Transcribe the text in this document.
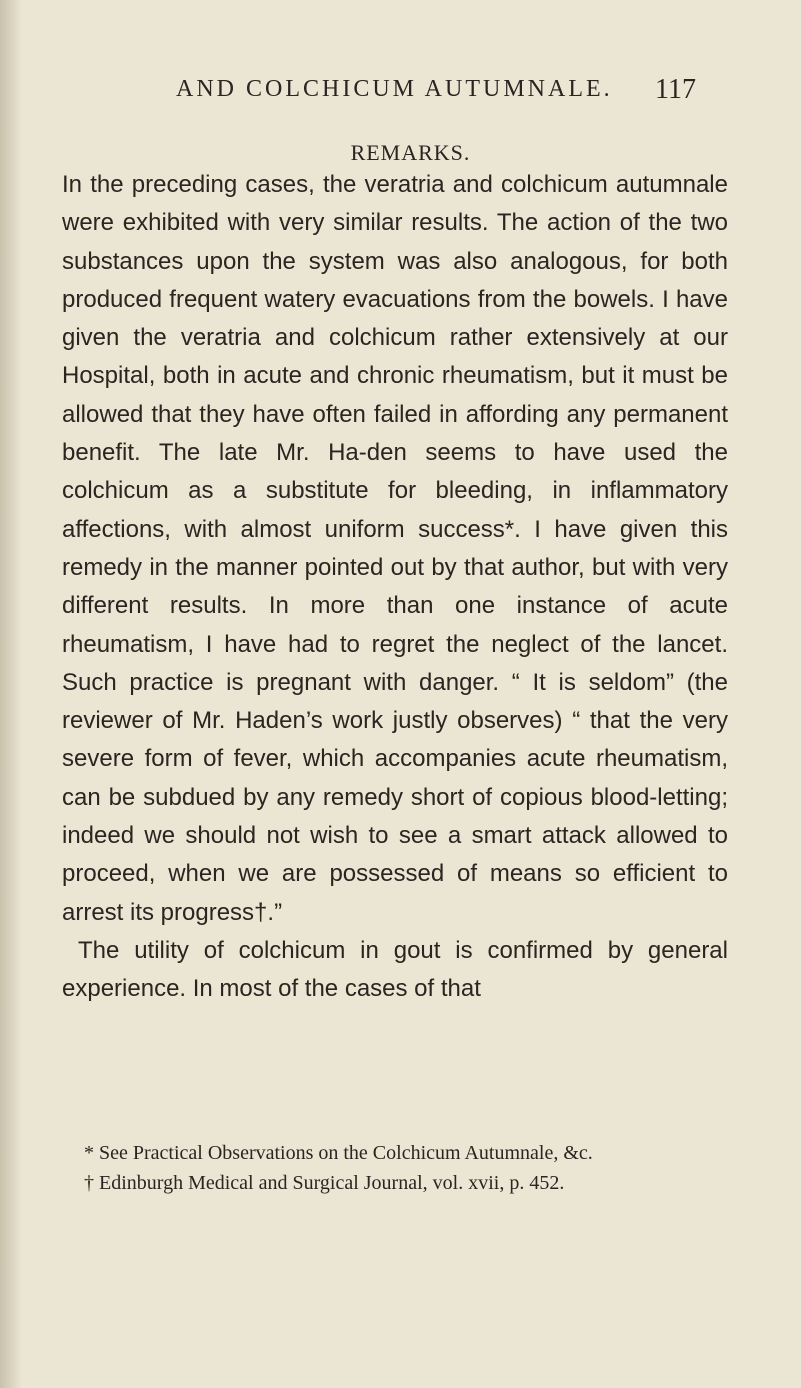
AND COLCHICUM AUTUMNALE. 117
REMARKS.

In the preceding cases, the veratria and colchicum autumnale were exhibited with very similar results. The action of the two substances upon the system was also analogous, for both produced frequent watery evacuations from the bowels. I have given the veratria and colchicum rather extensively at our Hospital, both in acute and chronic rheumatism, but it must be allowed that they have often failed in affording any permanent benefit. The late Mr. Ha-den seems to have used the colchicum as a substitute for bleeding, in inflammatory affections, with almost uniform success*. I have given this remedy in the manner pointed out by that author, but with very different results. In more than one instance of acute rheumatism, I have had to regret the neglect of the lancet. Such practice is pregnant with danger. “ It is seldom” (the reviewer of Mr. Haden’s work justly observes) “ that the very severe form of fever, which accompanies acute rheumatism, can be subdued by any remedy short of copious blood-letting; indeed we should not wish to see a smart attack allowed to proceed, when we are possessed of means so efficient to arrest its progress†.”

The utility of colchicum in gout is confirmed by general experience. In most of the cases of that

* See Practical Observations on the Colchicum Autumnale, &c.
† Edinburgh Medical and Surgical Journal, vol. xvii, p. 452.
